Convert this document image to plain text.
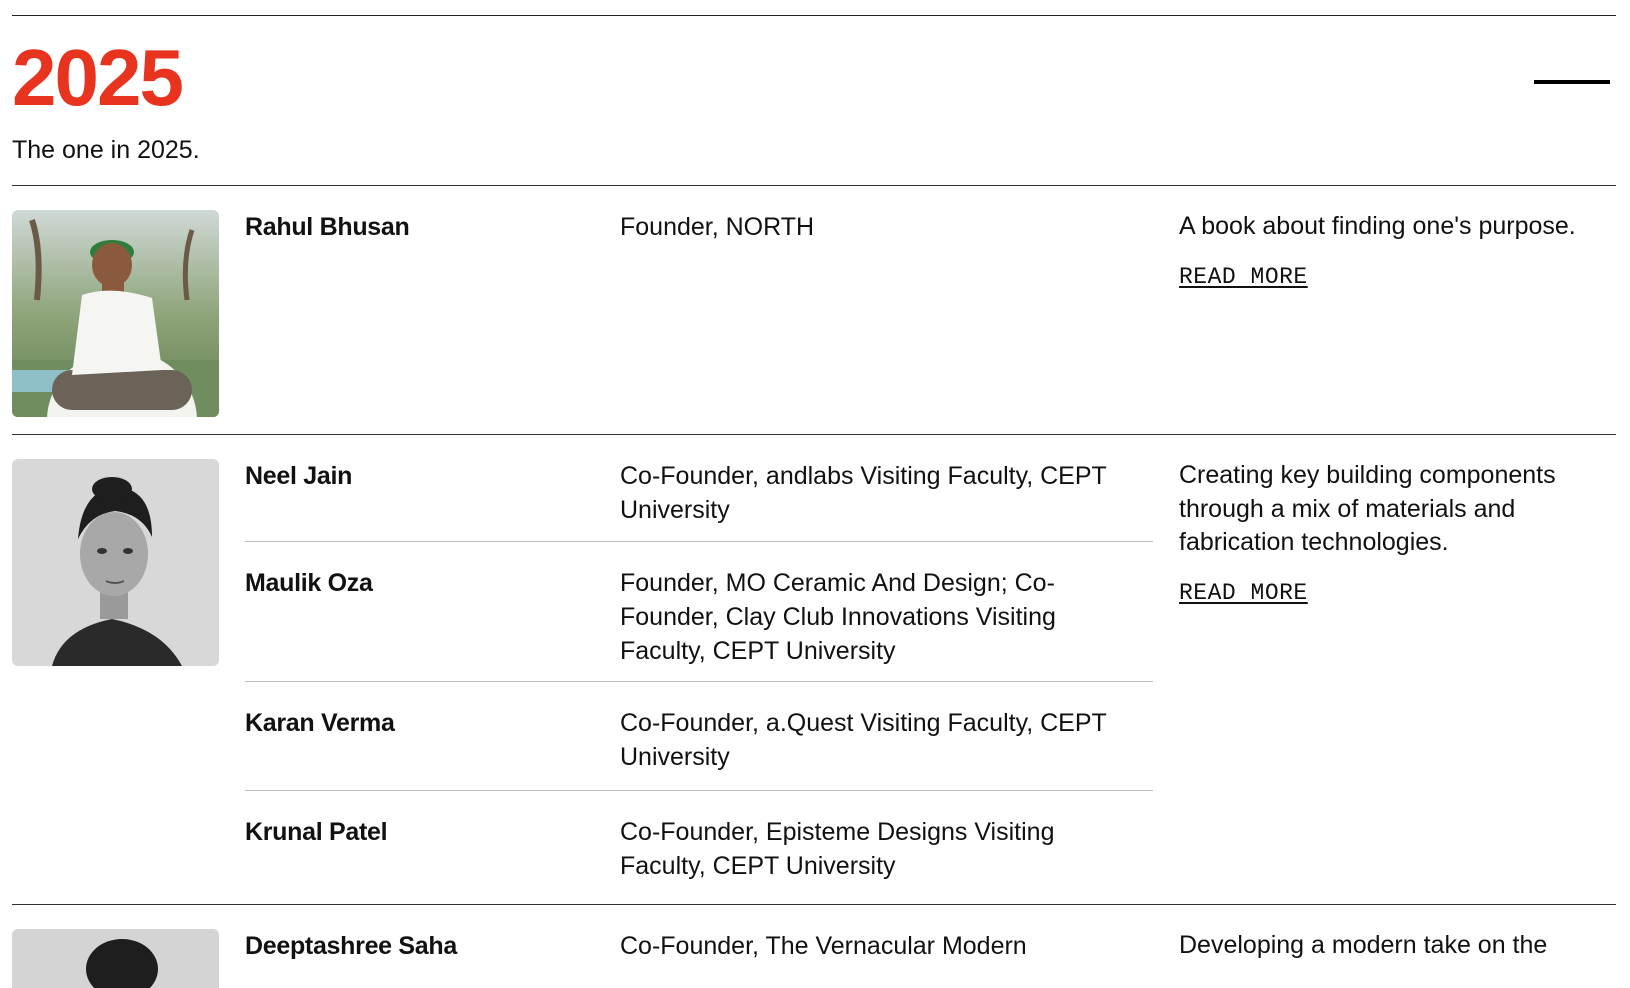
2025

The one in 2025.

Rahul Bhusan	Founder, NORTH	A book about finding one's purpose.

READ MORE
Neel Jain	Co-Founder, andlabs Visiting Faculty, CEPT University
Maulik Oza	Founder, MO Ceramic And Design; Co-Founder, Clay Club Innovations Visiting Faculty, CEPT University
Karan Verma	Co-Founder, a.Quest Visiting Faculty, CEPT University
Krunal Patel	Co-Founder, Episteme Designs Visiting Faculty, CEPT University

Creating key building components through a mix of materials and fabrication technologies.

READ MORE
Deeptashree Saha	Co-Founder, The Vernacular Modern	Developing a modern take on the
